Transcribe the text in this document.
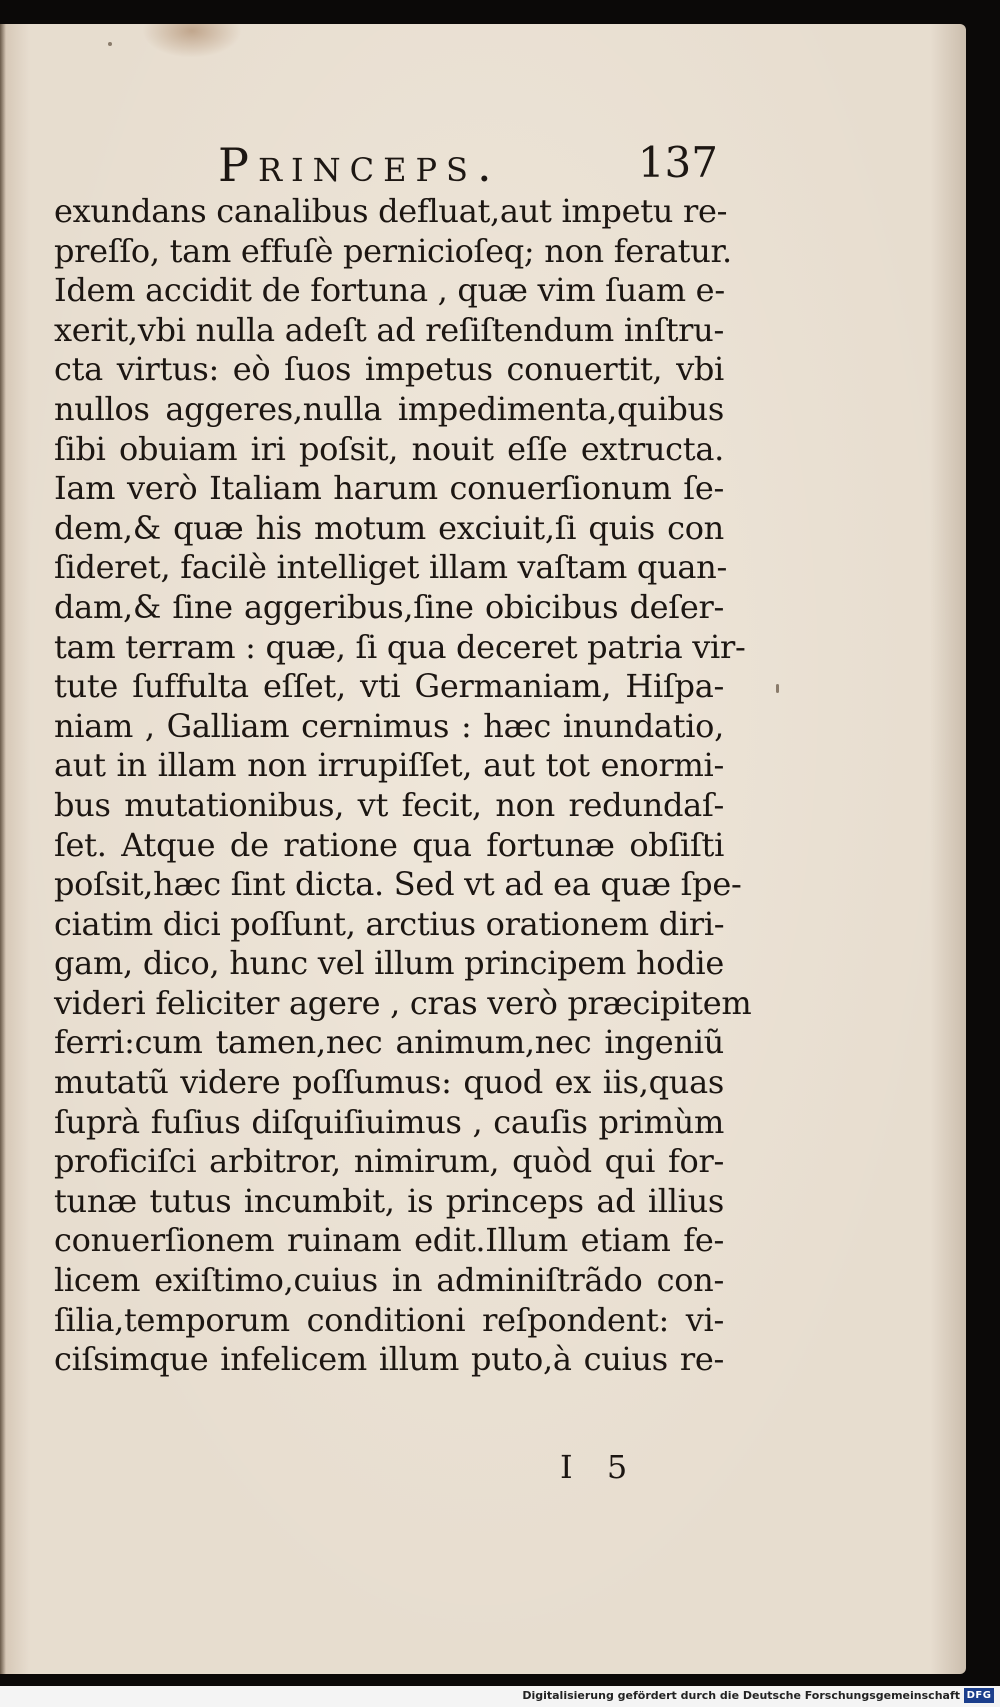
Princeps.	137
exundans canalibus defluat,aut impetu re-
preſſo, tam effuſè pernicioſeq; non feratur.
Idem accidit de fortuna , quæ vim ſuam e-
xerit,vbi nulla adeſt ad reſiſtendum inſtru-
cta virtus: eò ſuos impetus conuertit, vbi
nullos aggeres,nulla impedimenta,quibus
ſibi obuiam iri poſsit, nouit eſſe extructa.
Iam verò Italiam harum conuerſionum ſe-
dem,& quæ his motum exciuit,ſi quis con
ſideret, facilè intelliget illam vaſtam quan-
dam,& ſine aggeribus,ſine obicibus deſer-
tam terram : quæ, ſi qua deceret patria vir-
tute ſuffulta eſſet, vti Germaniam, Hiſpa-
niam , Galliam cernimus : hæc inundatio,
aut in illam non irrupiſſet, aut tot enormi-
bus mutationibus, vt fecit, non redundaſ-
ſet. Atque de ratione qua fortunæ obſiſti
poſsit,hæc ſint dicta. Sed vt ad ea quæ ſpe-
ciatim dici poſſunt, arctius orationem diri-
gam, dico, hunc vel illum principem hodie
videri feliciter agere , cras verò præcipitem
ferri:cum tamen,nec animum,nec ingeniũ
mutatũ videre poſſumus: quod ex iis,quas
ſuprà fuſius diſquiſiuimus , cauſis primùm
proficiſci arbitror, nimirum, quòd qui for-
tunæ tutus incumbit, is princeps ad illius
conuerſionem ruinam edit.Illum etiam fe-
licem exiſtimo,cuius in adminiſtrãdo con-
ſilia,temporum conditioni reſpondent: vi-
ciſsimque infelicem illum puto,à cuius re-
I 5
Digitalisierung gefördert durch die Deutsche Forschungsgemeinschaft DFG
